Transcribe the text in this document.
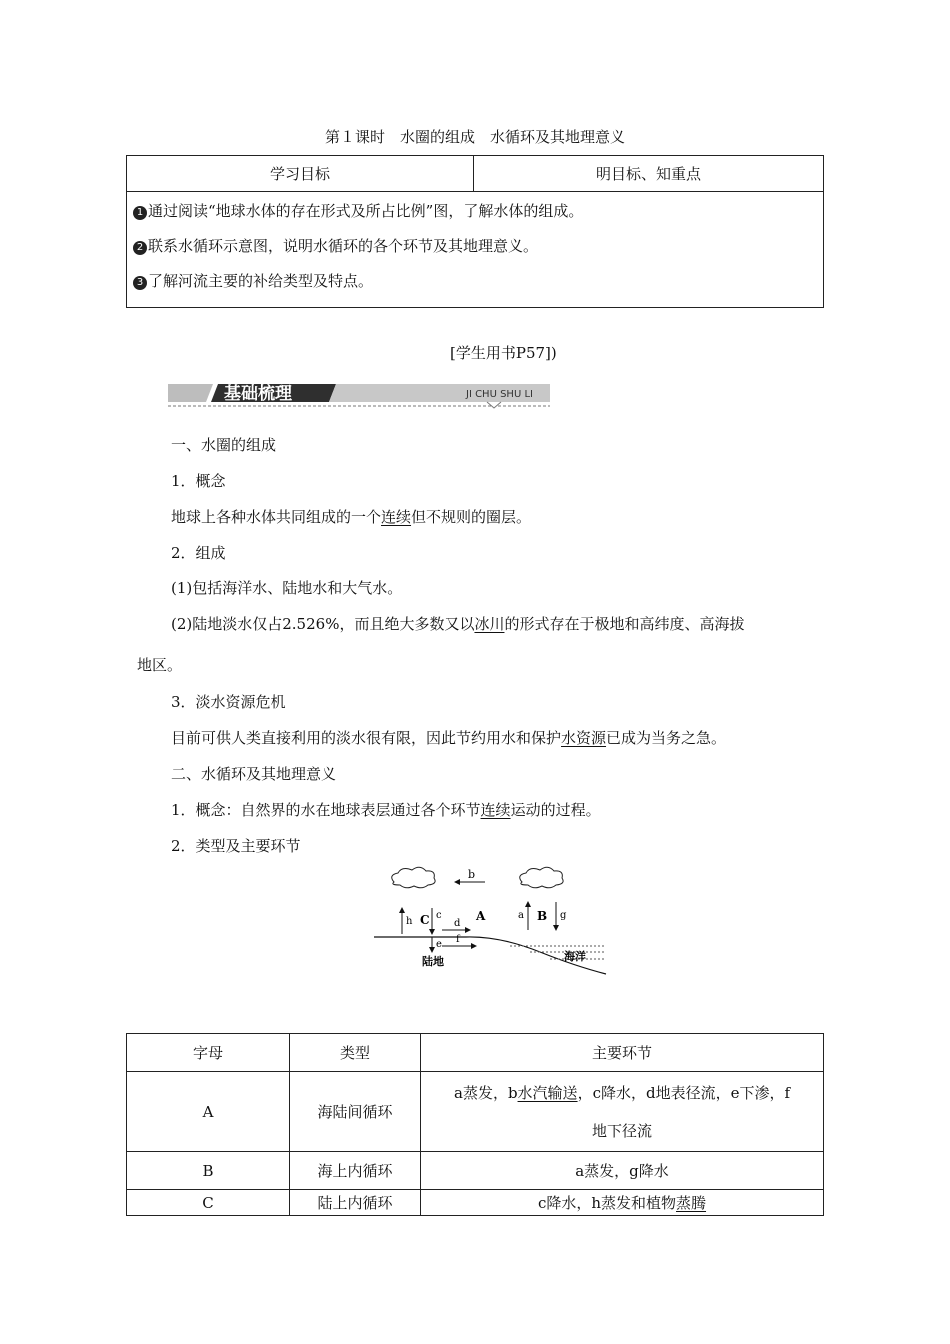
第１课时　水圈的组成　水循环及其地理意义
学习目标	明目标、知重点

1 通过阅读“地球水体的存在形式及所占比例”图，了解水体的组成。
2 联系水循环示意图，说明水循环的各个环节及其地理意义。
3 了解河流主要的补给类型及特点。
[学生用书P57])
基础梳理	JI CHU SHU LI
一、水圈的组成
1．概念
地球上各种水体共同组成的一个连续但不规则的圈层。
2．组成
(1)包括海洋水、陆地水和大气水。
(2)陆地淡水仅占2.526%，而且绝大多数又以冰川的形式存在于极地和高纬度、高海拔
地区。
3．淡水资源危机
目前可供人类直接利用的淡水很有限，因此节约用水和保护水资源已成为当务之急。
二、水循环及其地理意义
1．概念：自然界的水在地球表层通过各个环节连续运动的过程。
2．类型及主要环节
b
h C c
d
A	a B g
e f
陆地	海洋
字母	类型	主要环节
A	海陆间循环	a蒸发，b水汽输送，c降水，d地表径流，e下渗，f
地下径流
B	海上内循环	a蒸发，g降水
C	陆上内循环	c降水，h蒸发和植物蒸腾
